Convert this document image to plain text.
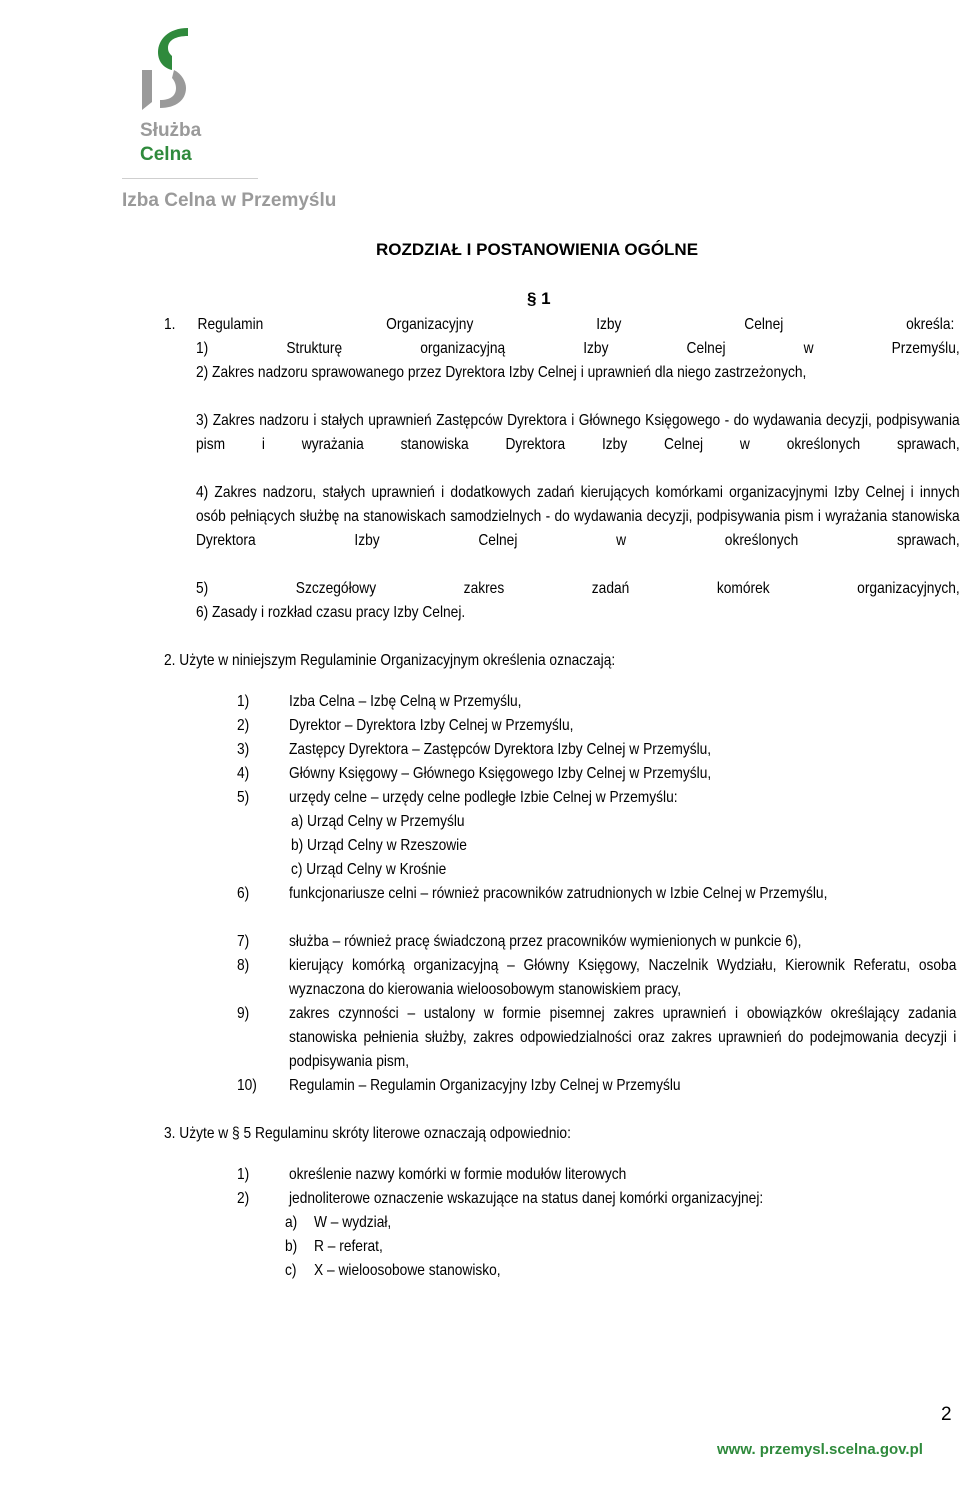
Służba
Celna
Izba Celna w Przemyślu
ROZDZIAŁ I POSTANOWIENIA OGÓLNE
§ 1
1. Regulamin	Organizacyjny	Izby	Celnej	określa:
1) Strukturę organizacyjną Izby Celnej w Przemyślu,
2) Zakres nadzoru sprawowanego przez Dyrektora Izby Celnej i uprawnień dla niego zastrzeżonych,
3) Zakres nadzoru i stałych uprawnień Zastępców Dyrektora i Głównego Księgowego - do wydawania decyzji, podpisywania pism i wyrażania stanowiska Dyrektora Izby Celnej w określonych sprawach,
4) Zakres nadzoru, stałych uprawnień i dodatkowych zadań kierujących komórkami organizacyjnymi Izby Celnej i innych osób pełniących służbę na stanowiskach samodzielnych - do wydawania decyzji, podpisywania pism i wyrażania stanowiska Dyrektora Izby Celnej w określonych sprawach,
5) Szczegółowy zakres zadań komórek organizacyjnych,
6) Zasady i rozkład czasu pracy Izby Celnej.
2. Użyte w niniejszym Regulaminie Organizacyjnym określenia oznaczają:
1) Izba Celna – Izbę Celną w Przemyślu,
2) Dyrektor – Dyrektora Izby Celnej w Przemyślu,
3) Zastępcy Dyrektora – Zastępców Dyrektora Izby Celnej w Przemyślu,
4) Główny Księgowy – Głównego Księgowego Izby Celnej w Przemyślu,
5) urzędy celne – urzędy celne podległe Izbie Celnej w Przemyślu:
a) Urząd Celny w Przemyślu
b) Urząd Celny w Rzeszowie
c) Urząd Celny w Krośnie
6) funkcjonariusze celni – również pracowników zatrudnionych w Izbie Celnej w Przemyślu,
7) służba – również pracę świadczoną przez pracowników wymienionych w punkcie 6),
8) kierujący komórką organizacyjną – Główny Księgowy, Naczelnik Wydziału, Kierownik Referatu, osoba wyznaczona do kierowania wieloosobowym stanowiskiem pracy,
9) zakres czynności – ustalony w formie pisemnej zakres uprawnień i obowiązków określający zadania stanowiska pełnienia służby, zakres odpowiedzialności oraz zakres uprawnień do podejmowania decyzji i podpisywania pism,
10) Regulamin – Regulamin Organizacyjny Izby Celnej w Przemyślu
3. Użyte w § 5 Regulaminu skróty literowe oznaczają odpowiednio:
1) określenie nazwy komórki w formie modułów literowych
2) jednoliterowe oznaczenie wskazujące na status danej komórki organizacyjnej:
a) W – wydział,
b) R – referat,
c) X – wieloosobowe stanowisko,
2
www. przemysl.scelna.gov.pl
